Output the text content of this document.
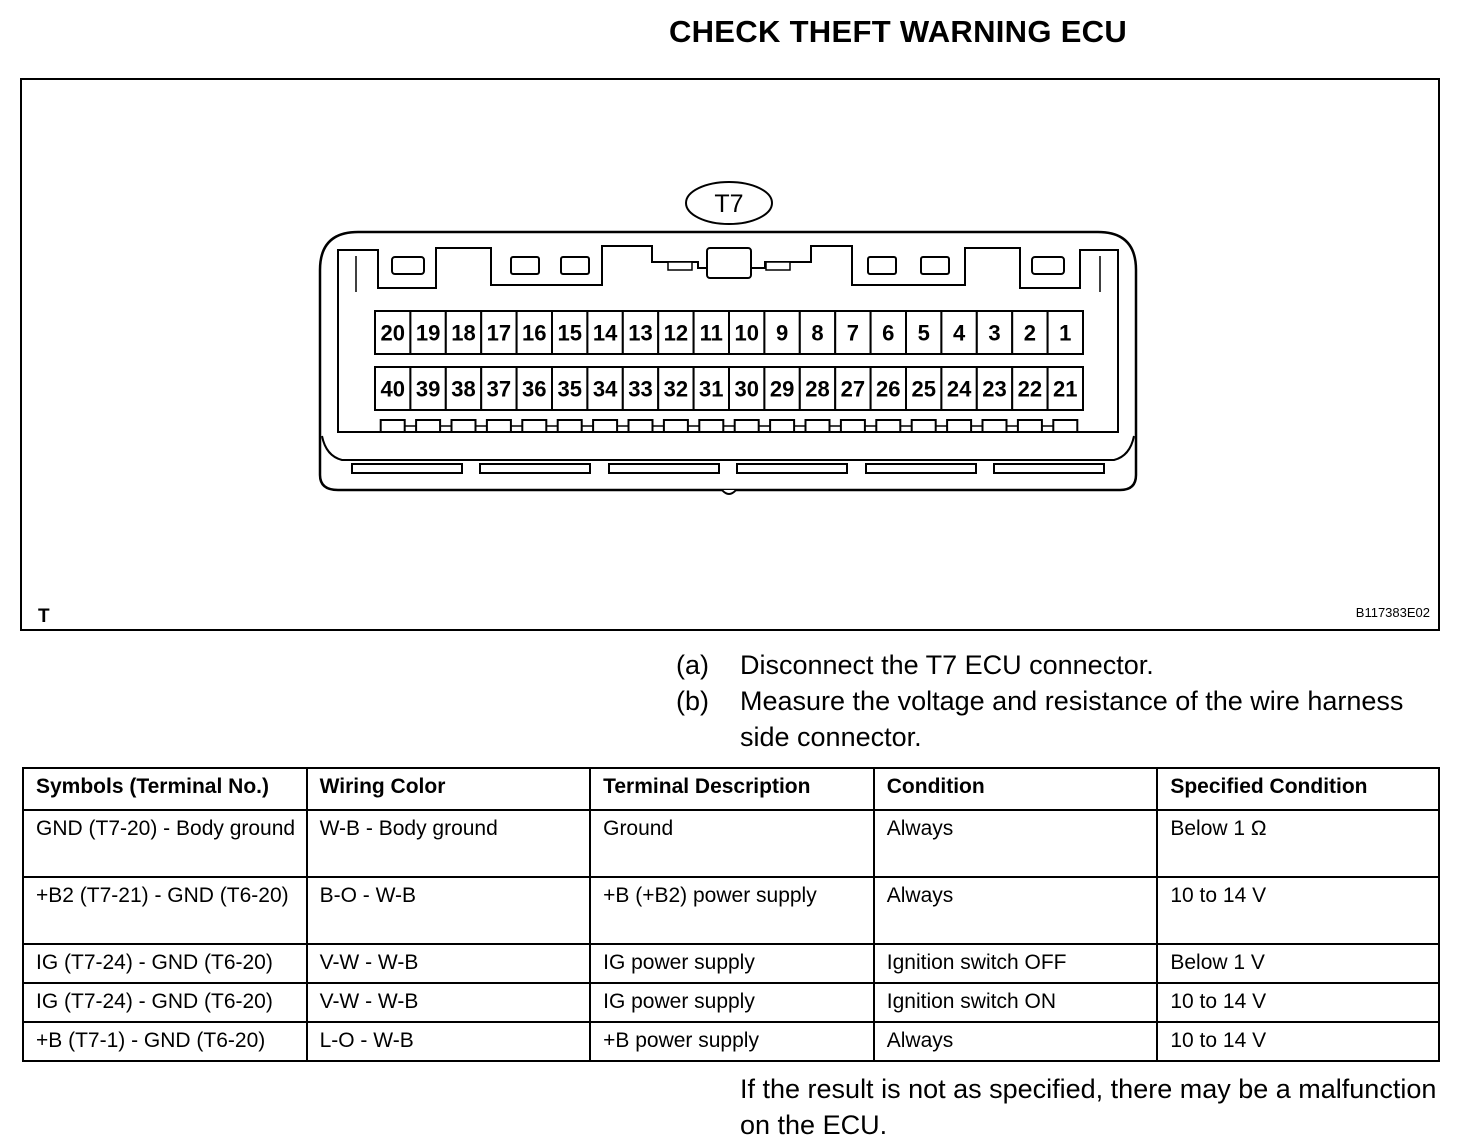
CHECK THEFT WARNING ECU
T7
20 19 18 17 16 15 14 13 12 11 10 9 8 7 6 5 4 3 2 1
40 39 38 37 36 35 34 33 32 31 30 29 28 27 26 25 24 23 22 21
T	B117383E02
(a)	Disconnect the T7 ECU connector.
(b)	Measure the voltage and resistance of the wire harness side connector.
Symbols (Terminal No.)	Wiring Color	Terminal Description	Condition	Specified Condition
GND (T7-20) - Body ground	W-B - Body ground	Ground	Always	Below 1 Ω
+B2 (T7-21) - GND (T6-20)	B-O - W-B	+B (+B2) power supply	Always	10 to 14 V
IG (T7-24) - GND (T6-20)	V-W - W-B	IG power supply	Ignition switch OFF	Below 1 V
IG (T7-24) - GND (T6-20)	V-W - W-B	IG power supply	Ignition switch ON	10 to 14 V
+B (T7-1) - GND (T6-20)	L-O - W-B	+B power supply	Always	10 to 14 V
If the result is not as specified, there may be a malfunction on the ECU.
